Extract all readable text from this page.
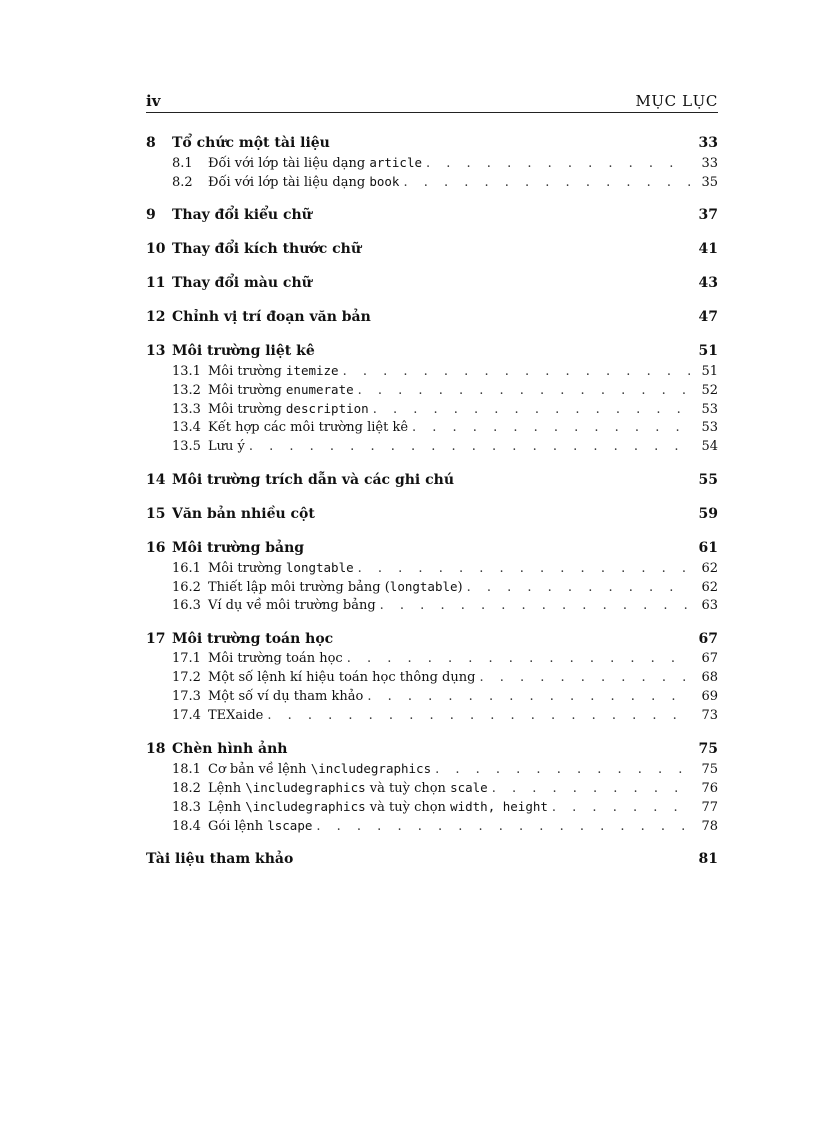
iv	MỤC LỤC
8	Tổ chức một tài liệu	33
8.1	Đối với lớp tài liệu dạng article . . .	33
8.2	Đối với lớp tài liệu dạng book . . .	35
9	Thay đổi kiểu chữ	37
10 Thay đổi kích thước chữ	41
11 Thay đổi màu chữ	43
12 Chỉnh vị trí đoạn văn bản	47
13 Môi trường liệt kê	51
13.1 Môi trường itemize . . .	51
13.2 Môi trường enumerate . . .	52
13.3 Môi trường description . . .	53
13.4 Kết hợp các môi trường liệt kê . . .	53
13.5 Lưu ý . . .	54
14 Môi trường trích dẫn và các ghi chú	55
15 Văn bản nhiều cột	59
16 Môi trường bảng	61
16.1 Môi trường longtable . . .	62
16.2 Thiết lập môi trường bảng (longtable) . . .	62
16.3 Ví dụ về môi trường bảng . . .	63
17 Môi trường toán học	67
17.1 Môi trường toán học . . .	67
17.2 Một số lệnh kí hiệu toán học thông dụng . . .	68
17.3 Một số ví dụ tham khảo . . .	69
17.4 TEXaide . . .	73
18 Chèn hình ảnh	75
18.1 Cơ bản về lệnh \includegraphics . . .	75
18.2 Lệnh \includegraphics và tuỳ chọn scale . . .	76
18.3 Lệnh \includegraphics và tuỳ chọn width, height . . .	77
18.4 Gói lệnh lscape . . .	78
Tài liệu tham khảo	81
